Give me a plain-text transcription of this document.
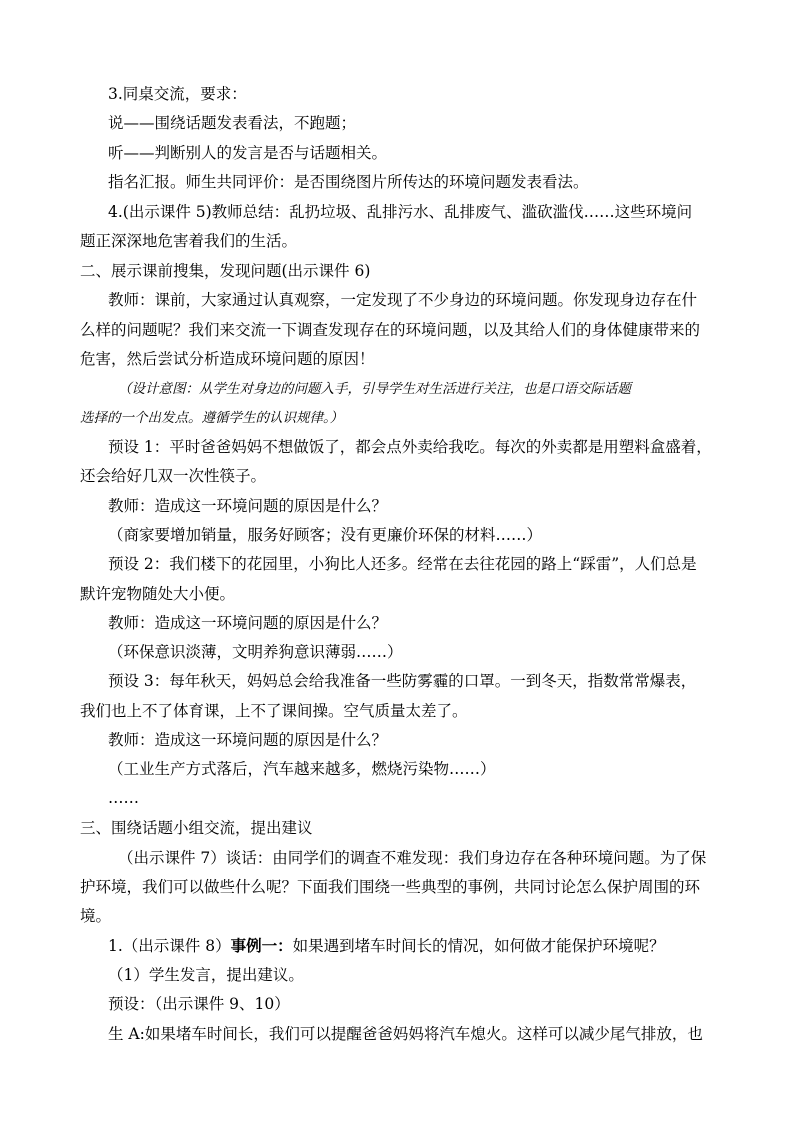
3.同桌交流，要求：
说——围绕话题发表看法，不跑题；
听——判断别人的发言是否与话题相关。
指名汇报。师生共同评价：是否围绕图片所传达的环境问题发表看法。
4.(出示课件 5)教师总结：乱扔垃圾、乱排污水、乱排废气、滥砍滥伐……这些环境问
题正深深地危害着我们的生活。
二、展示课前搜集，发现问题(出示课件 6)
教师：课前，大家通过认真观察，一定发现了不少身边的环境问题。你发现身边存在什
么样的问题呢？我们来交流一下调查发现存在的环境问题，以及其给人们的身体健康带来的
危害，然后尝试分析造成环境问题的原因！
（设计意图：从学生对身边的问题入手，引导学生对生活进行关注，也是口语交际话题
选择的一个出发点。遵循学生的认识规律。）
预设 1：平时爸爸妈妈不想做饭了，都会点外卖给我吃。每次的外卖都是用塑料盒盛着，
还会给好几双一次性筷子。
教师：造成这一环境问题的原因是什么？
（商家要增加销量，服务好顾客；没有更廉价环保的材料……）
预设 2：我们楼下的花园里，小狗比人还多。经常在去往花园的路上“踩雷”，人们总是
默许宠物随处大小便。
教师：造成这一环境问题的原因是什么？
（环保意识淡薄，文明养狗意识薄弱……）
预设 3：每年秋天，妈妈总会给我准备一些防雾霾的口罩。一到冬天，指数常常爆表，
我们也上不了体育课，上不了课间操。空气质量太差了。
教师：造成这一环境问题的原因是什么？
（工业生产方式落后，汽车越来越多，燃烧污染物……）
……
三、围绕话题小组交流，提出建议
（出示课件 7）谈话：由同学们的调查不难发现：我们身边存在各种环境问题。为了保
护环境，我们可以做些什么呢？下面我们围绕一些典型的事例，共同讨论怎么保护周围的环
境。
1.（出示课件 8）事例一：如果遇到堵车时间长的情况，如何做才能保护环境呢？
（1）学生发言，提出建议。
预设：（出示课件 9、10）
生 A:如果堵车时间长，我们可以提醒爸爸妈妈将汽车熄火。这样可以减少尾气排放，也
